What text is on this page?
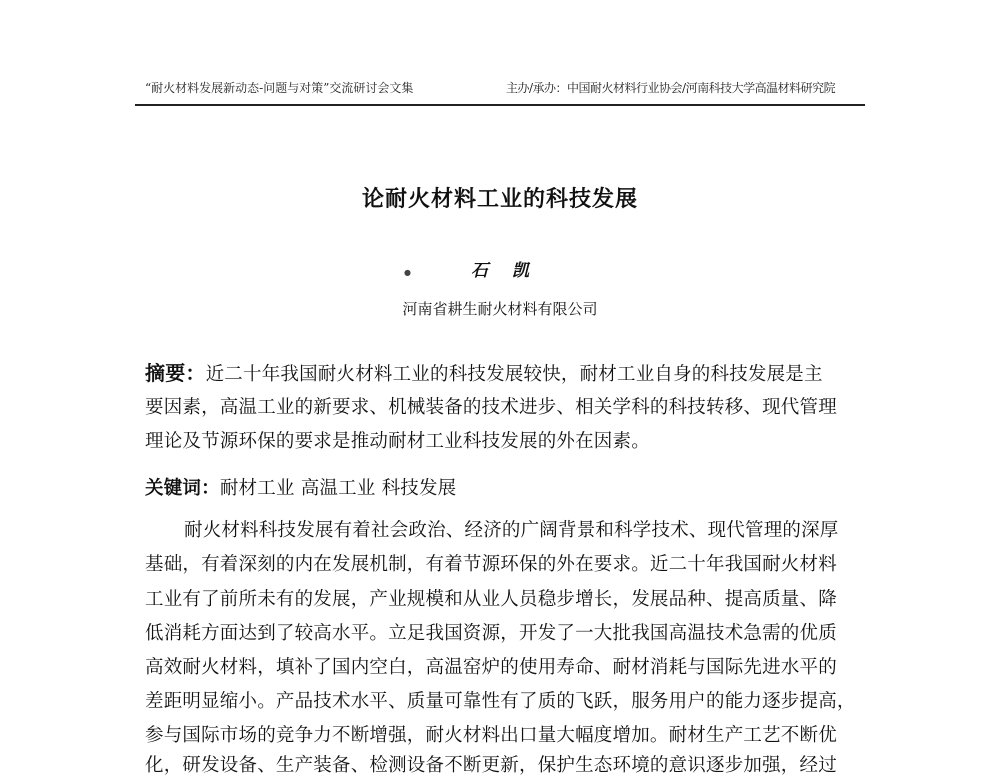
“耐火材料发展新动态-问题与对策”交流研讨会文集	主办/承办：中国耐火材料行业协会/河南科技大学高温材料研究院
论耐火材料工业的科技发展
●	石 凯
河南省耕生耐火材料有限公司
摘要：近二十年我国耐火材料工业的科技发展较快，耐材工业自身的科技发展是主
要因素，高温工业的新要求、机械装备的技术进步、相关学科的科技转移、现代管理
理论及节源环保的要求是推动耐材工业科技发展的外在因素。
关键词：耐材工业 高温工业 科技发展
耐火材料科技发展有着社会政治、经济的广阔背景和科学技术、现代管理的深厚
基础，有着深刻的内在发展机制，有着节源环保的外在要求。近二十年我国耐火材料
工业有了前所未有的发展，产业规模和从业人员稳步增长，发展品种、提高质量、降
低消耗方面达到了较高水平。立足我国资源，开发了一大批我国高温技术急需的优质
高效耐火材料，填补了国内空白，高温窑炉的使用寿命、耐材消耗与国际先进水平的
差距明显缩小。产品技术水平、质量可靠性有了质的飞跃，服务用户的能力逐步提高，
参与国际市场的竞争力不断增强，耐火材料出口量大幅度增加。耐材生产工艺不断优
化，研发设备、生产装备、检测设备不断更新，保护生态环境的意识逐步加强，经过
